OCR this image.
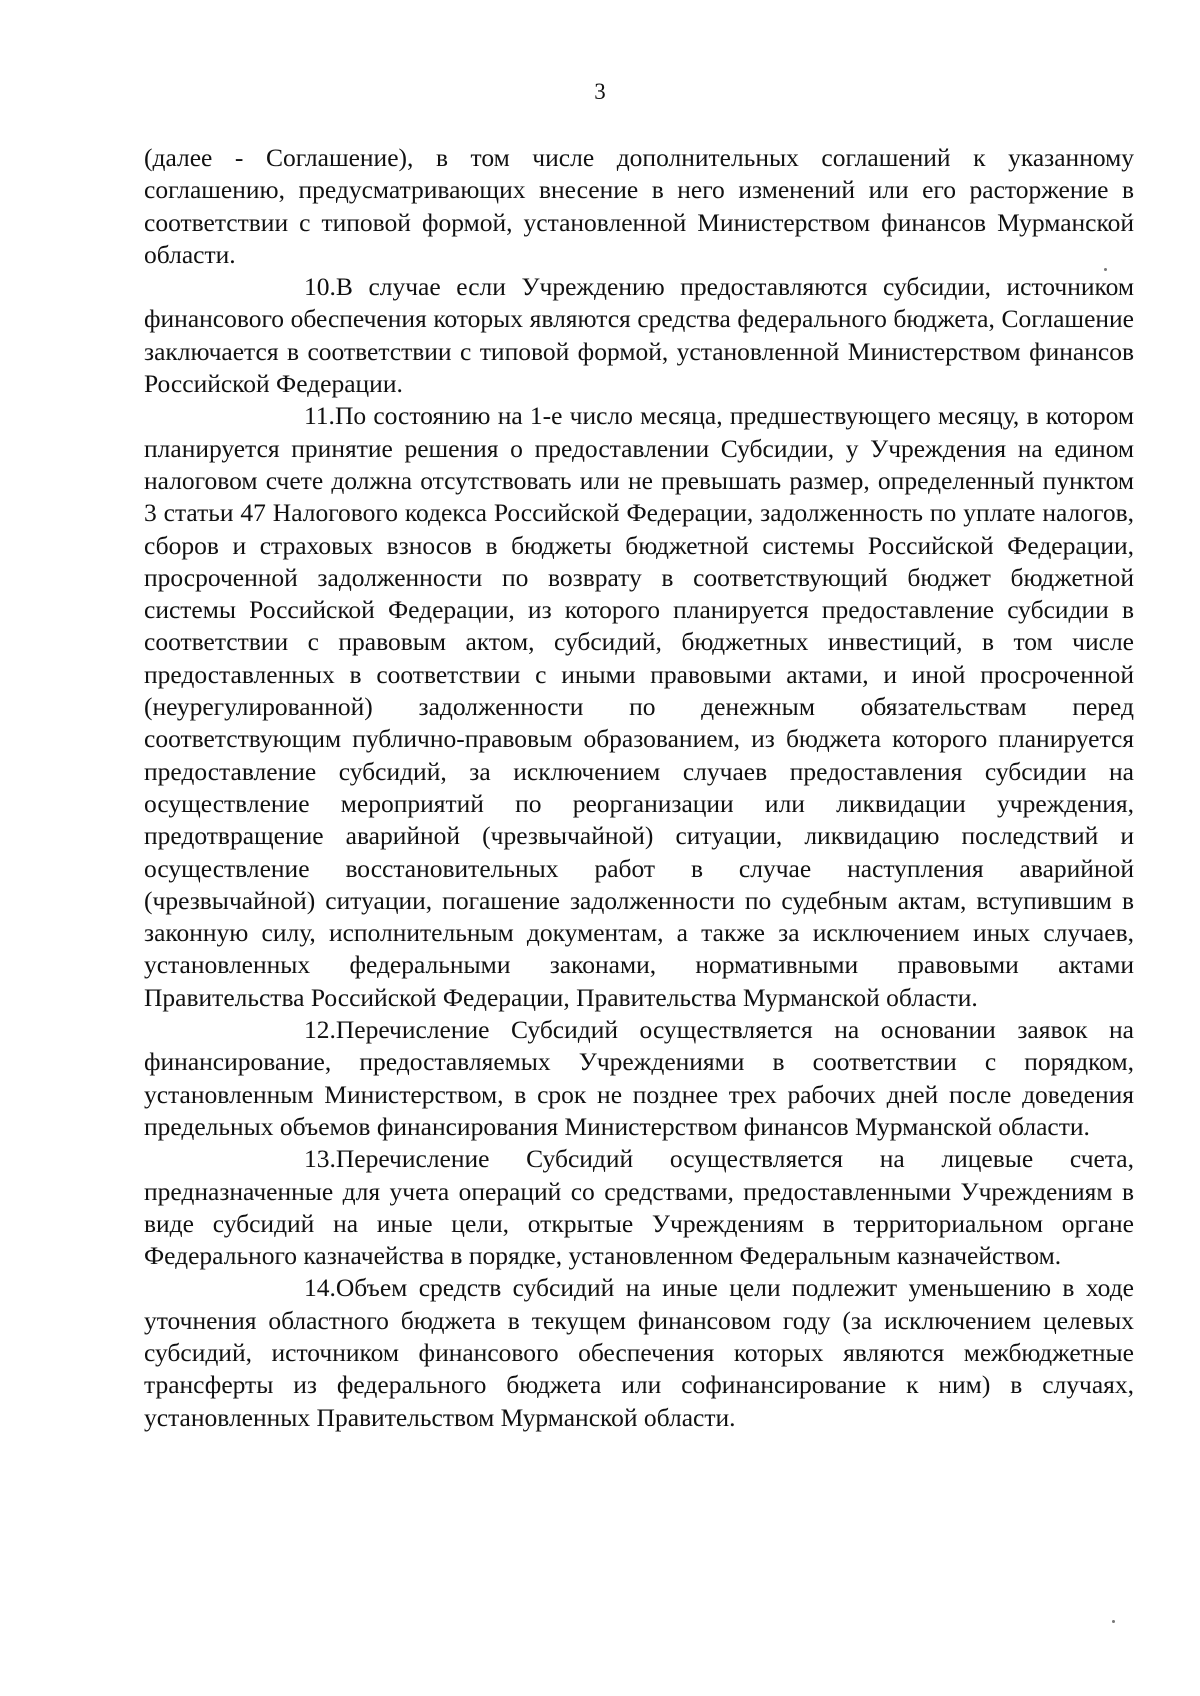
3

(далее - Соглашение), в том числе дополнительных соглашений к указанному соглашению, предусматривающих внесение в него изменений или его расторжение в соответствии с типовой формой, установленной Министерством финансов Мурманской области.

10.В случае если Учреждению предоставляются субсидии, источником финансового обеспечения которых являются средства федерального бюджета, Соглашение заключается в соответствии с типовой формой, установленной Министерством финансов Российской Федерации.

11.По состоянию на 1-е число месяца, предшествующего месяцу, в котором планируется принятие решения о предоставлении Субсидии, у Учреждения на едином налоговом счете должна отсутствовать или не превышать размер, определенный пунктом 3 статьи 47 Налогового кодекса Российской Федерации, задолженность по уплате налогов, сборов и страховых взносов в бюджеты бюджетной системы Российской Федерации, просроченной задолженности по возврату в соответствующий бюджет бюджетной системы Российской Федерации, из которого планируется предоставление субсидии в соответствии с правовым актом, субсидий, бюджетных инвестиций, в том числе предоставленных в соответствии с иными правовыми актами, и иной просроченной (неурегулированной) задолженности по денежным обязательствам перед соответствующим публично-правовым образованием, из бюджета которого планируется предоставление субсидий, за исключением случаев предоставления субсидии на осуществление мероприятий по реорганизации или ликвидации учреждения, предотвращение аварийной (чрезвычайной) ситуации, ликвидацию последствий и осуществление восстановительных работ в случае наступления аварийной (чрезвычайной) ситуации, погашение задолженности по судебным актам, вступившим в законную силу, исполнительным документам, а также за исключением иных случаев, установленных федеральными законами, нормативными правовыми актами Правительства Российской Федерации, Правительства Мурманской области.

12.Перечисление Субсидий осуществляется на основании заявок на финансирование, предоставляемых Учреждениями в соответствии с порядком, установленным Министерством, в срок не позднее трех рабочих дней после доведения предельных объемов финансирования Министерством финансов Мурманской области.

13.Перечисление Субсидий осуществляется на лицевые счета, предназначенные для учета операций со средствами, предоставленными Учреждениям в виде субсидий на иные цели, открытые Учреждениям в территориальном органе Федерального казначейства в порядке, установленном Федеральным казначейством.

14.Объем средств субсидий на иные цели подлежит уменьшению в ходе уточнения областного бюджета в текущем финансовом году (за исключением целевых субсидий, источником финансового обеспечения которых являются межбюджетные трансферты из федерального бюджета или софинансирование к ним) в случаях, установленных Правительством Мурманской области.
